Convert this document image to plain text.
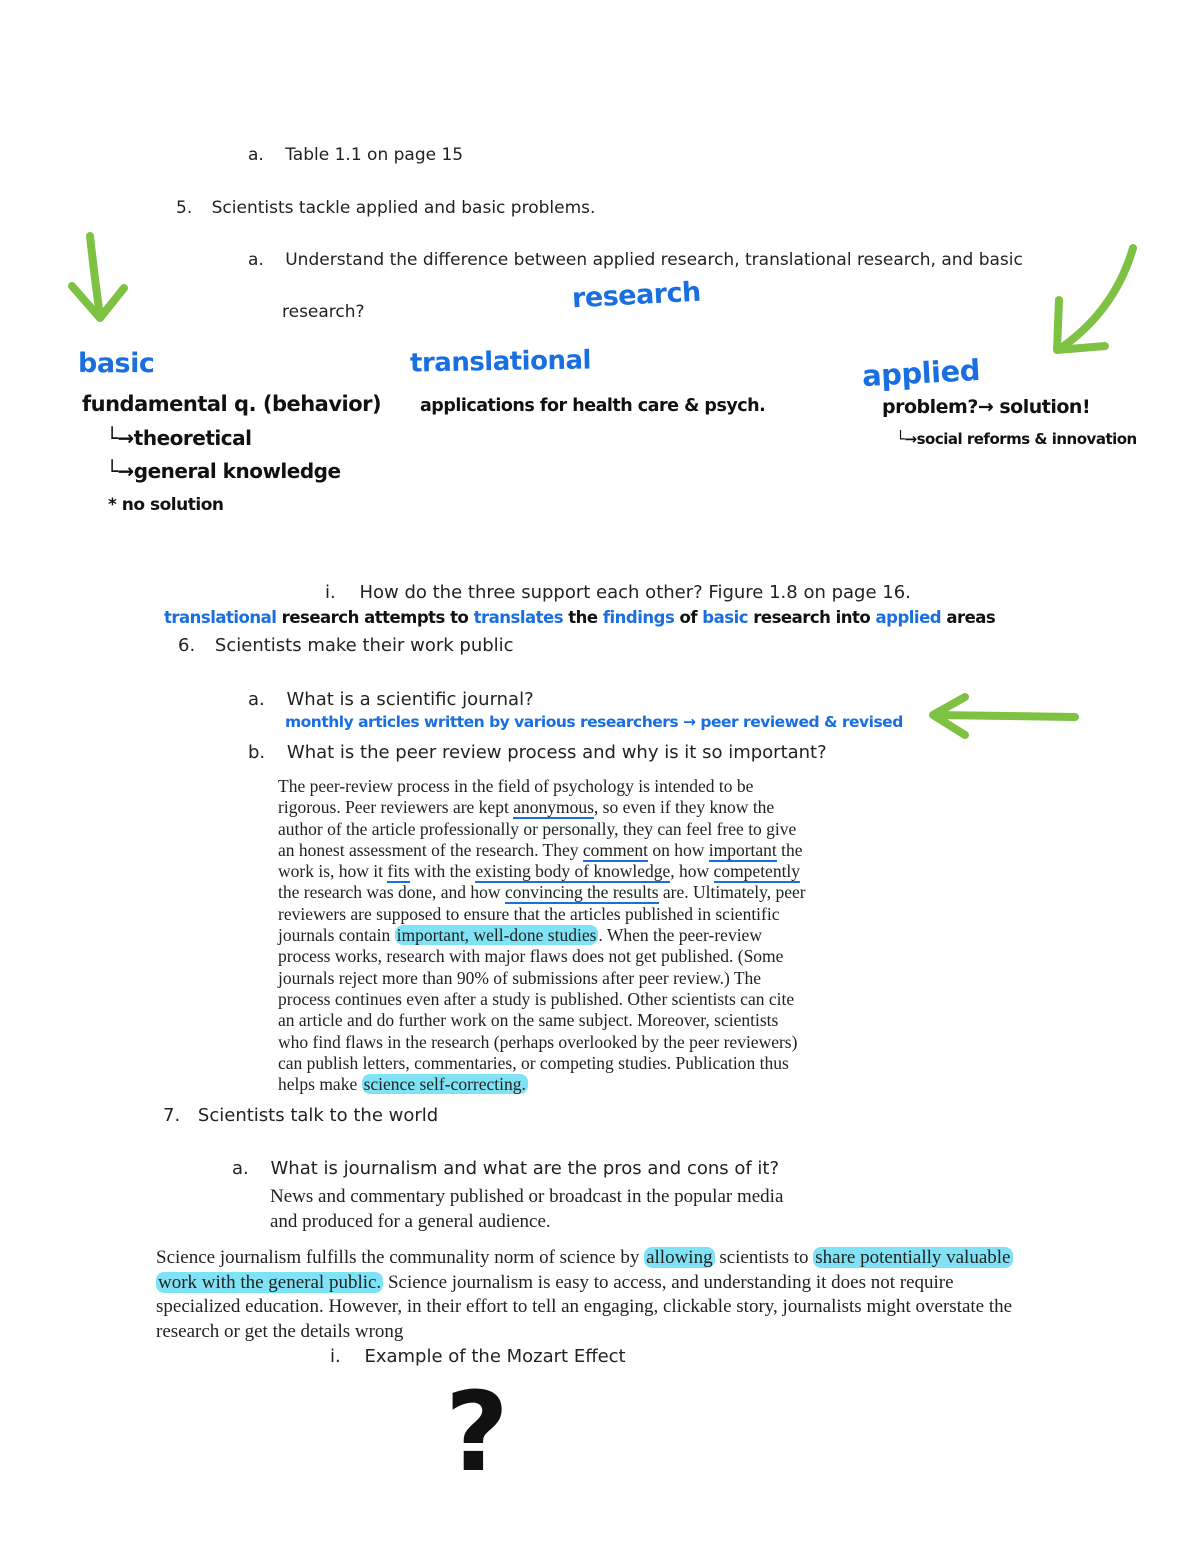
a. Table 1.1 on page 15
5. Scientists tackle applied and basic problems.
a. Understand the difference between applied research, translational research, and basic
research?	research
basic
fundamental q. (behavior)
└→theoretical
└→general knowledge
* no solution
translational
applications for health care & psych.
applied
problem?→ solution!
└→social reforms & innovation
i. How do the three support each other? Figure 1.8 on page 16.
translational research attempts to translates the findings of basic research into applied areas
6. Scientists make their work public
a. What is a scientific journal?
monthly articles written by various researchers → peer reviewed & revised
b. What is the peer review process and why is it so important?
The peer-review process in the field of psychology is intended to be
rigorous. Peer reviewers are kept anonymous, so even if they know the
author of the article professionally or personally, they can feel free to give
an honest assessment of the research. They comment on how important the
work is, how it fits with the existing body of knowledge, how competently
the research was done, and how convincing the results are. Ultimately, peer
reviewers are supposed to ensure that the articles published in scientific
journals contain important, well-done studies . When the peer-review
process works, research with major flaws does not get published. (Some
journals reject more than 90% of submissions after peer review.) The
process continues even after a study is published. Other scientists can cite
an article and do further work on the same subject. Moreover, scientists
who find flaws in the research (perhaps overlooked by the peer reviewers)
can publish letters, commentaries, or competing studies. Publication thus
helps make science self-correcting.
7. Scientists talk to the world
a. What is journalism and what are the pros and cons of it?
News and commentary published or broadcast in the popular media
and produced for a general audience.
Science journalism fulfills the communality norm of science by allowing scientists to share potentially valuable
work with the general public. Science journalism is easy to access, and understanding it does not require
specialized education. However, in their effort to tell an engaging, clickable story, journalists might overstate the
research or get the details wrong
i. Example of the Mozart Effect
?
